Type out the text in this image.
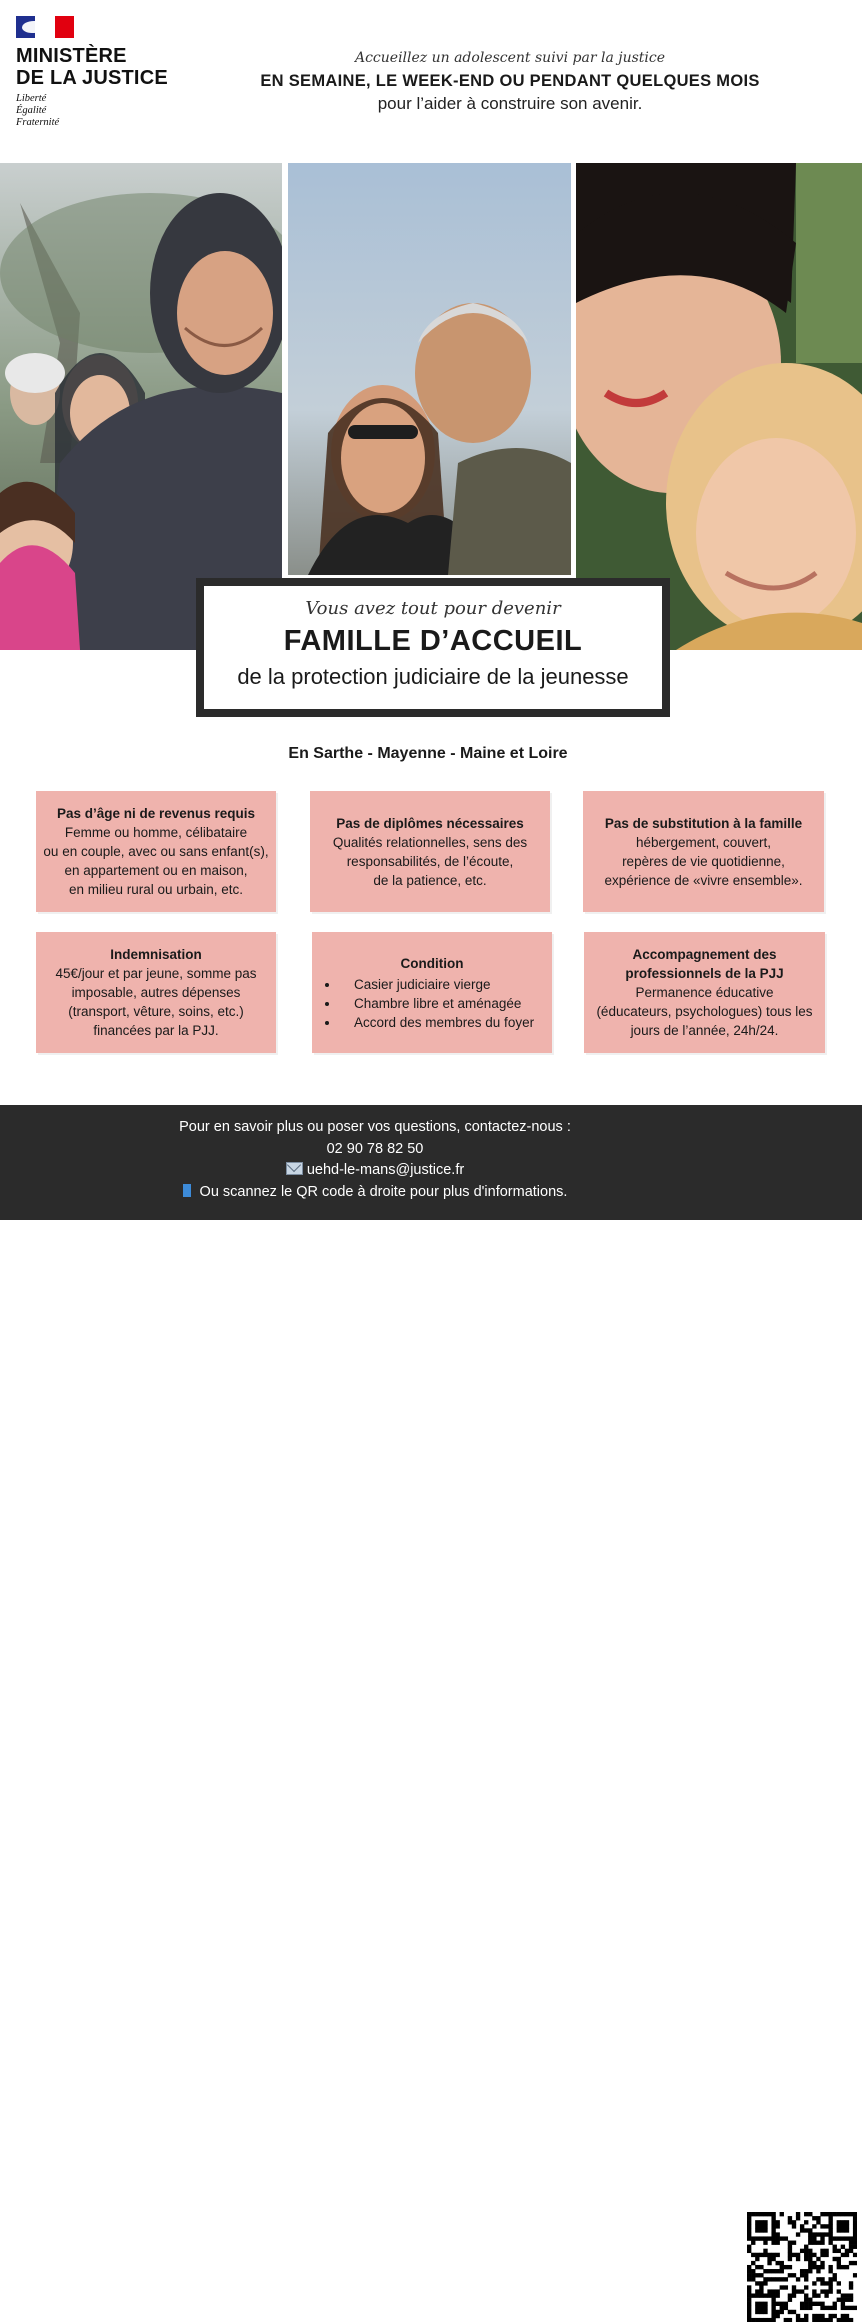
MINISTÈRE
DE LA JUSTICE
Liberté
Égalité
Fraternité
Accueillez un adolescent suivi par la justice
EN SEMAINE, LE WEEK-END OU PENDANT QUELQUES MOIS
pour l’aider à construire son avenir.
Vous avez tout pour devenir
FAMILLE D’ACCUEIL
de la protection judiciaire de la jeunesse
En Sarthe - Mayenne - Maine et Loire
Pas d’âge ni de revenus requis

Femme ou homme, célibataire

ou en couple, avec ou sans enfant(s),

en appartement ou en maison,

en milieu rural ou urbain, etc.

Pas de diplômes nécessaires

Qualités relationnelles, sens des

responsabilités, de l’écoute,

de la patience, etc.

Pas de substitution à la famille

hébergement, couvert,

repères de vie quotidienne,

expérience de «vivre ensemble».

Indemnisation

45€/jour et par jeune, somme pas

imposable, autres dépenses

(transport, vêture, soins, etc.)

financées par la PJJ.

Condition
• Casier judiciaire vierge
• Chambre libre et aménagée
• Accord des membres du foyer
Accompagnement des
professionnels de la PJJ

Permanence éducative

(éducateurs, psychologues) tous les

jours de l’année, 24h/24.

Pour en savoir plus ou poser vos questions, contactez-nous :
02 90 78 82 50
uehd-le-mans@justice.fr
Ou scannez le QR code à droite pour plus d'informations.
